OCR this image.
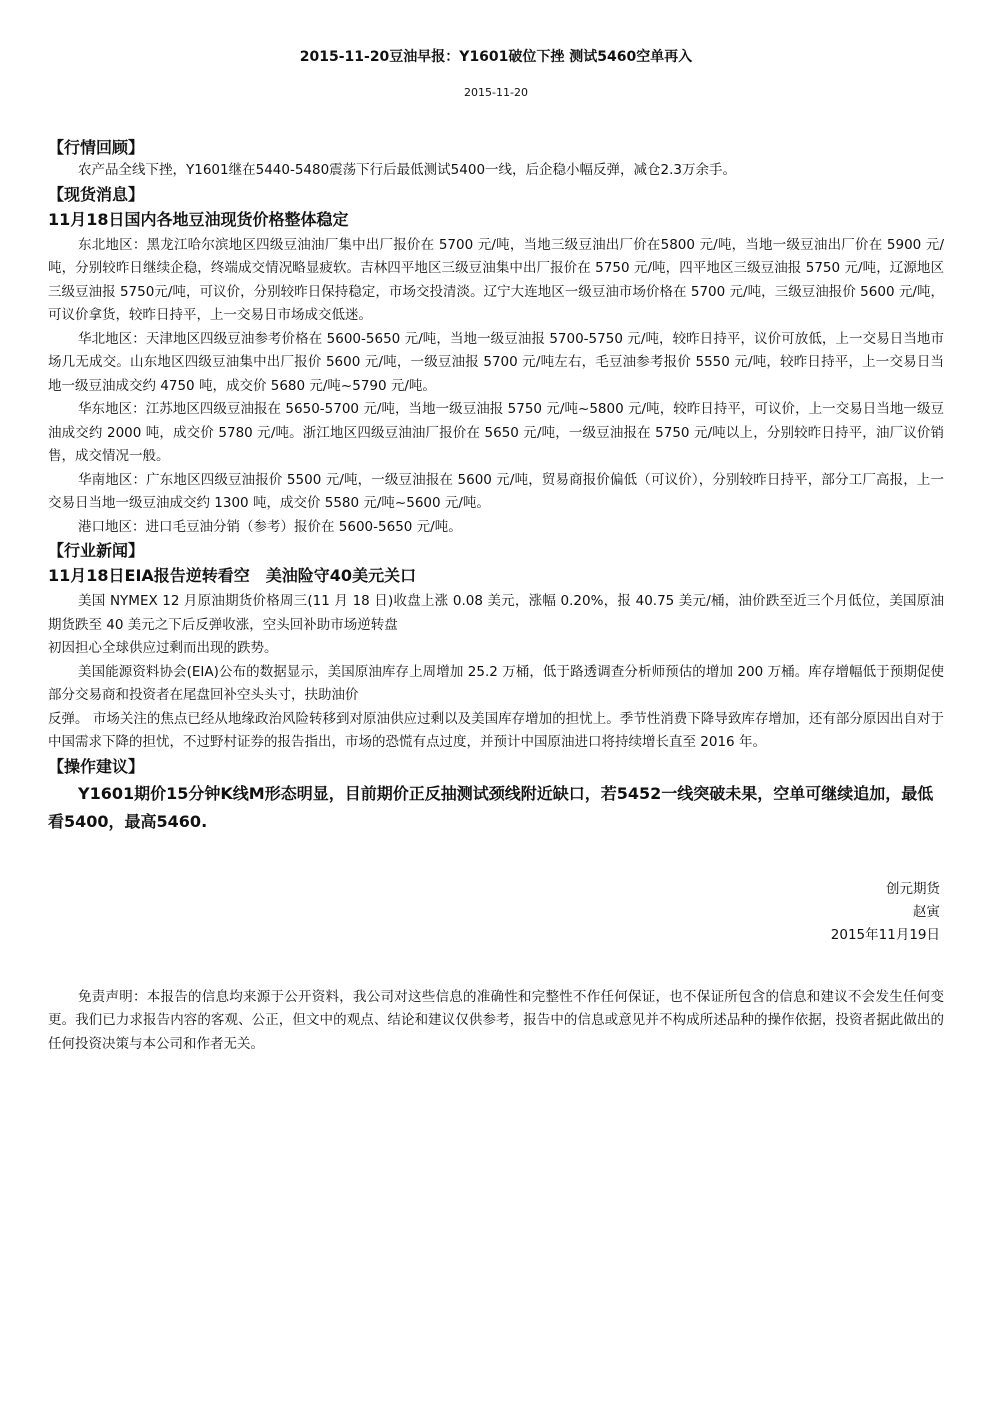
2015-11-20豆油早报：Y1601破位下挫 测试5460空单再入
2015-11-20
【行情回顾】

农产品全线下挫，Y1601继在5440-5480震荡下行后最低测试5400一线，后企稳小幅反弹，减仓2.3万余手。

【现货消息】
11月18日国内各地豆油现货价格整体稳定

东北地区：黑龙江哈尔滨地区四级豆油油厂集中出厂报价在 5700 元/吨，当地三级豆油出厂价在5800 元/吨，当地一级豆油出厂价在 5900 元/吨，分别较昨日继续企稳，终端成交情况略显疲软。吉林四平地区三级豆油集中出厂报价在 5750 元/吨，四平地区三级豆油报 5750 元/吨，辽源地区三级豆油报 5750元/吨，可议价，分别较昨日保持稳定，市场交投清淡。辽宁大连地区一级豆油市场价格在 5700 元/吨，三级豆油报价 5600 元/吨，可议价拿货，较昨日持平，上一交易日市场成交低迷。

华北地区：天津地区四级豆油参考价格在 5600-5650 元/吨，当地一级豆油报 5700-5750 元/吨，较昨日持平，议价可放低，上一交易日当地市场几无成交。山东地区四级豆油集中出厂报价 5600 元/吨，一级豆油报 5700 元/吨左右，毛豆油参考报价 5550 元/吨，较昨日持平，上一交易日当地一级豆油成交约 4750 吨，成交价 5680 元/吨~5790 元/吨。

华东地区：江苏地区四级豆油报在 5650-5700 元/吨，当地一级豆油报 5750 元/吨~5800 元/吨，较昨日持平，可议价，上一交易日当地一级豆油成交约 2000 吨，成交价 5780 元/吨。浙江地区四级豆油油厂报价在 5650 元/吨，一级豆油报在 5750 元/吨以上，分别较昨日持平，油厂议价销售，成交情况一般。

华南地区：广东地区四级豆油报价 5500 元/吨，一级豆油报在 5600 元/吨，贸易商报价偏低（可议价），分别较昨日持平，部分工厂高报，上一交易日当地一级豆油成交约 1300 吨，成交价 5580 元/吨~5600 元/吨。

港口地区：进口毛豆油分销（参考）报价在 5600-5650 元/吨。

【行业新闻】
11月18日EIA报告逆转看空　美油险守40美元关口

美国 NYMEX 12 月原油期货价格周三(11 月 18 日)收盘上涨 0.08 美元，涨幅 0.20%，报 40.75 美元/桶，油价跌至近三个月低位，美国原油期货跌至 40 美元之下后反弹收涨，空头回补助市场逆转盘

初因担心全球供应过剩而出现的跌势。

美国能源资料协会(EIA)公布的数据显示，美国原油库存上周增加 25.2 万桶，低于路透调查分析师预估的增加 200 万桶。库存增幅低于预期促使部分交易商和投资者在尾盘回补空头头寸，扶助油价

反弹。 市场关注的焦点已经从地缘政治风险转移到对原油供应过剩以及美国库存增加的担忧上。季节性消费下降导致库存增加，还有部分原因出自对于中国需求下降的担忧，不过野村证券的报告指出，市场的恐慌有点过度，并预计中国原油进口将持续增长直至 2016 年。

【操作建议】

Y1601期价15分钟K线M形态明显，目前期价正反抽测试颈线附近缺口，若5452一线突破未果，空单可继续追加，最低看5400，最高5460.

创元期货
赵寅
2015年11月19日

免责声明：本报告的信息均来源于公开资料，我公司对这些信息的准确性和完整性不作任何保证，也不保证所包含的信息和建议不会发生任何变更。我们已力求报告内容的客观、公正，但文中的观点、结论和建议仅供参考，报告中的信息或意见并不构成所述品种的操作依据，投资者据此做出的任何投资决策与本公司和作者无关。
